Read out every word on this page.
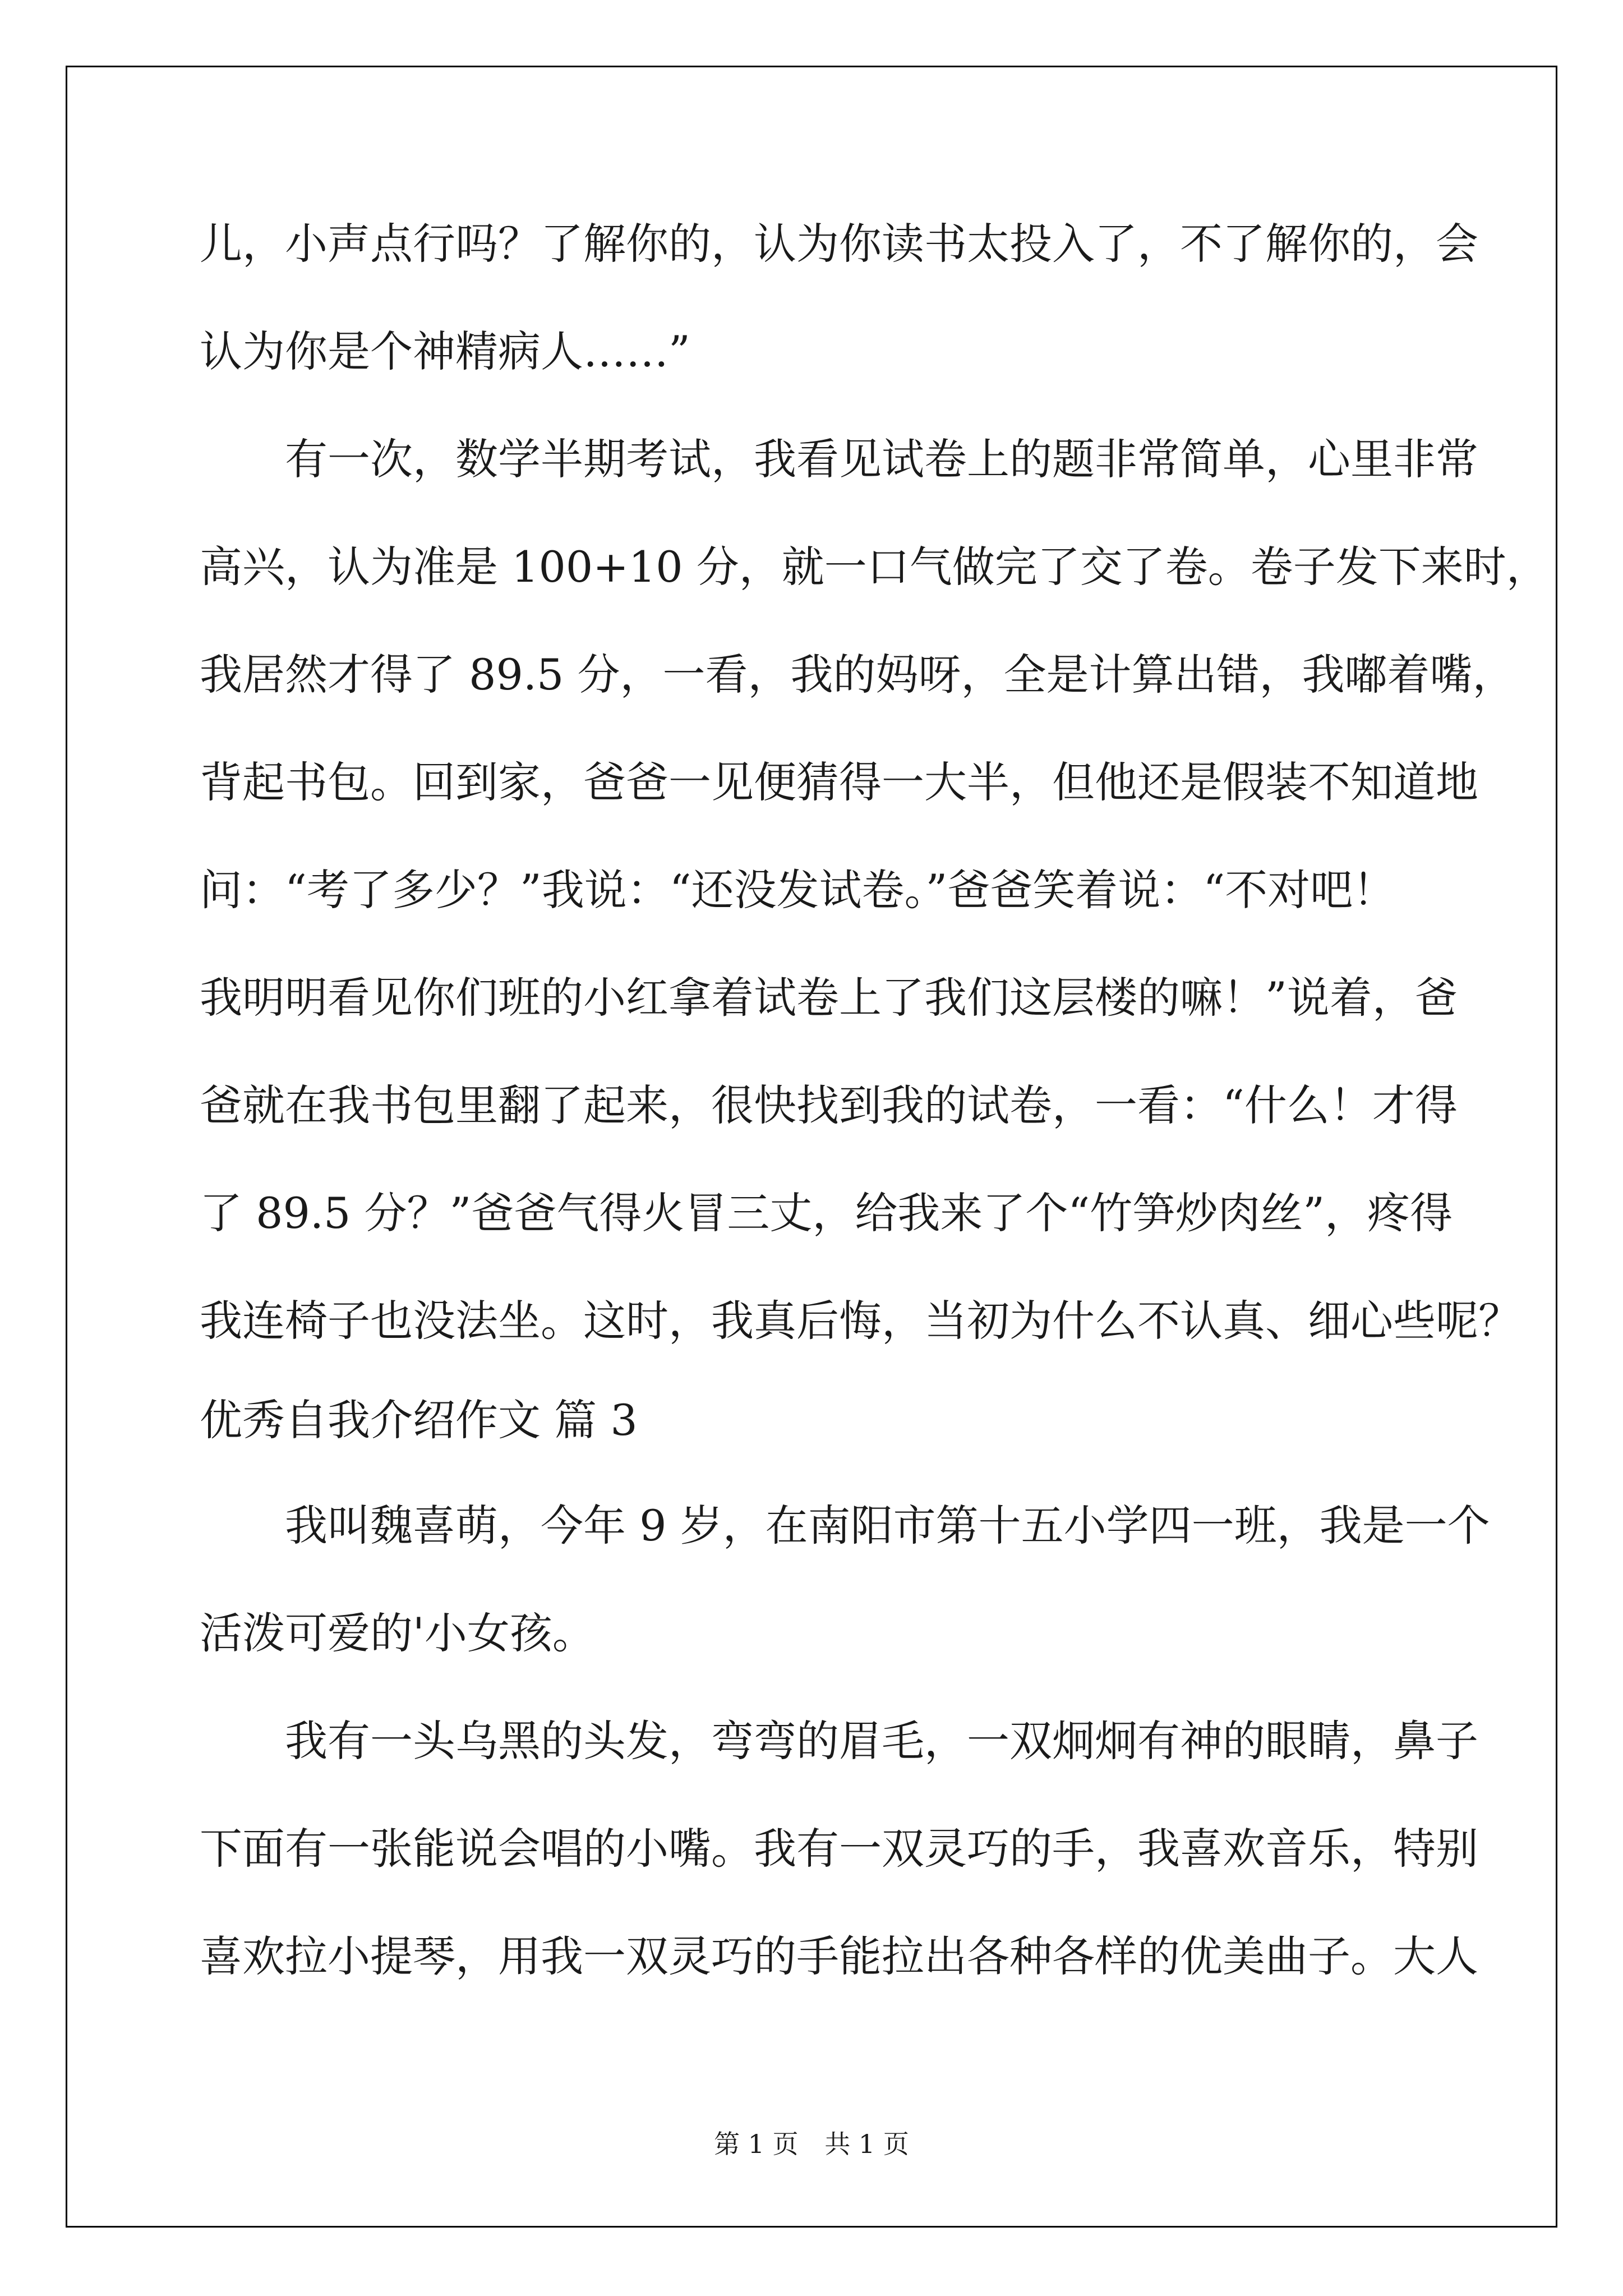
儿，小声点行吗？了解你的，认为你读书太投入了，不了解你的，会
认为你是个神精病人……”
有一次，数学半期考试，我看见试卷上的题非常简单，心里非常
高兴，认为准是 100+10 分，就一口气做完了交了卷。卷子发下来时，
我居然才得了 89.5 分，一看，我的妈呀，全是计算出错，我嘟着嘴，
背起书包。回到家，爸爸一见便猜得一大半，但他还是假装不知道地
问：“考了多少？”我说：“还没发试卷。”爸爸笑着说：“不对吧！
我明明看见你们班的小红拿着试卷上了我们这层楼的嘛！”说着，爸
爸就在我书包里翻了起来，很快找到我的试卷，一看：“什么！才得
了 89.5 分？”爸爸气得火冒三丈，给我来了个“竹笋炒肉丝”，疼得
我连椅子也没法坐。这时，我真后悔，当初为什么不认真、细心些呢？
优秀自我介绍作文 篇 3
我叫魏喜萌，今年 9 岁，在南阳市第十五小学四一班，我是一个
活泼可爱的'小女孩。
我有一头乌黑的头发，弯弯的眉毛，一双炯炯有神的眼睛，鼻子
下面有一张能说会唱的小嘴。我有一双灵巧的手，我喜欢音乐，特别
喜欢拉小提琴，用我一双灵巧的手能拉出各种各样的优美曲子。大人
第 1 页 共 1 页
